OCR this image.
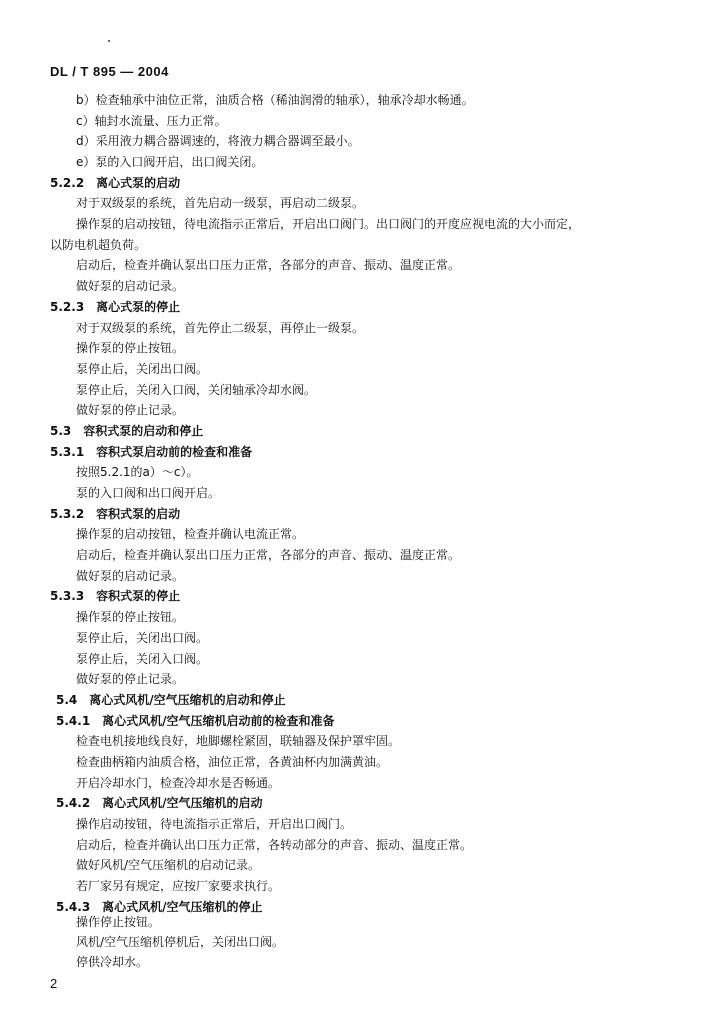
DL / T 895 — 2004
b）检查轴承中油位正常，油质合格（稀油润滑的轴承），轴承冷却水畅通。
c）轴封水流量、压力正常。
d）采用液力耦合器调速的，将液力耦合器调至最小。
e）泵的入口阀开启，出口阀关闭。
5.2.2　离心式泵的启动
对于双级泵的系统，首先启动一级泵，再启动二级泵。
操作泵的启动按钮，待电流指示正常后，开启出口阀门。出口阀门的开度应视电流的大小而定，
以防电机超负荷。
启动后，检查并确认泵出口压力正常，各部分的声音、振动、温度正常。
做好泵的启动记录。
5.2.3　离心式泵的停止
对于双级泵的系统，首先停止二级泵，再停止一级泵。
操作泵的停止按钮。
泵停止后，关闭出口阀。
泵停止后，关闭入口阀，关闭轴承冷却水阀。
做好泵的停止记录。
5.3　容积式泵的启动和停止
5.3.1　容积式泵启动前的检查和准备
按照5.2.1的a）～c）。
泵的入口阀和出口阀开启。
5.3.2　容积式泵的启动
操作泵的启动按钮，检查并确认电流正常。
启动后，检查并确认泵出口压力正常，各部分的声音、振动、温度正常。
做好泵的启动记录。
5.3.3　容积式泵的停止
操作泵的停止按钮。
泵停止后，关闭出口阀。
泵停止后，关闭入口阀。
做好泵的停止记录。
5.4　离心式风机/空气压缩机的启动和停止
5.4.1　离心式风机/空气压缩机启动前的检查和准备
检查电机接地线良好，地脚螺栓紧固，联轴器及保护罩牢固。
检查曲柄箱内油质合格，油位正常，各黄油杯内加满黄油。
开启冷却水门，检查冷却水是否畅通。
5.4.2　离心式风机/空气压缩机的启动
操作启动按钮，待电流指示正常后，开启出口阀门。
启动后，检查并确认出口压力正常，各转动部分的声音、振动、温度正常。
做好风机/空气压缩机的启动记录。
若厂家另有规定，应按厂家要求执行。
5.4.3　离心式风机/空气压缩机的停止
操作停止按钮。
风机/空气压缩机停机后，关闭出口阀。
停供冷却水。
2
